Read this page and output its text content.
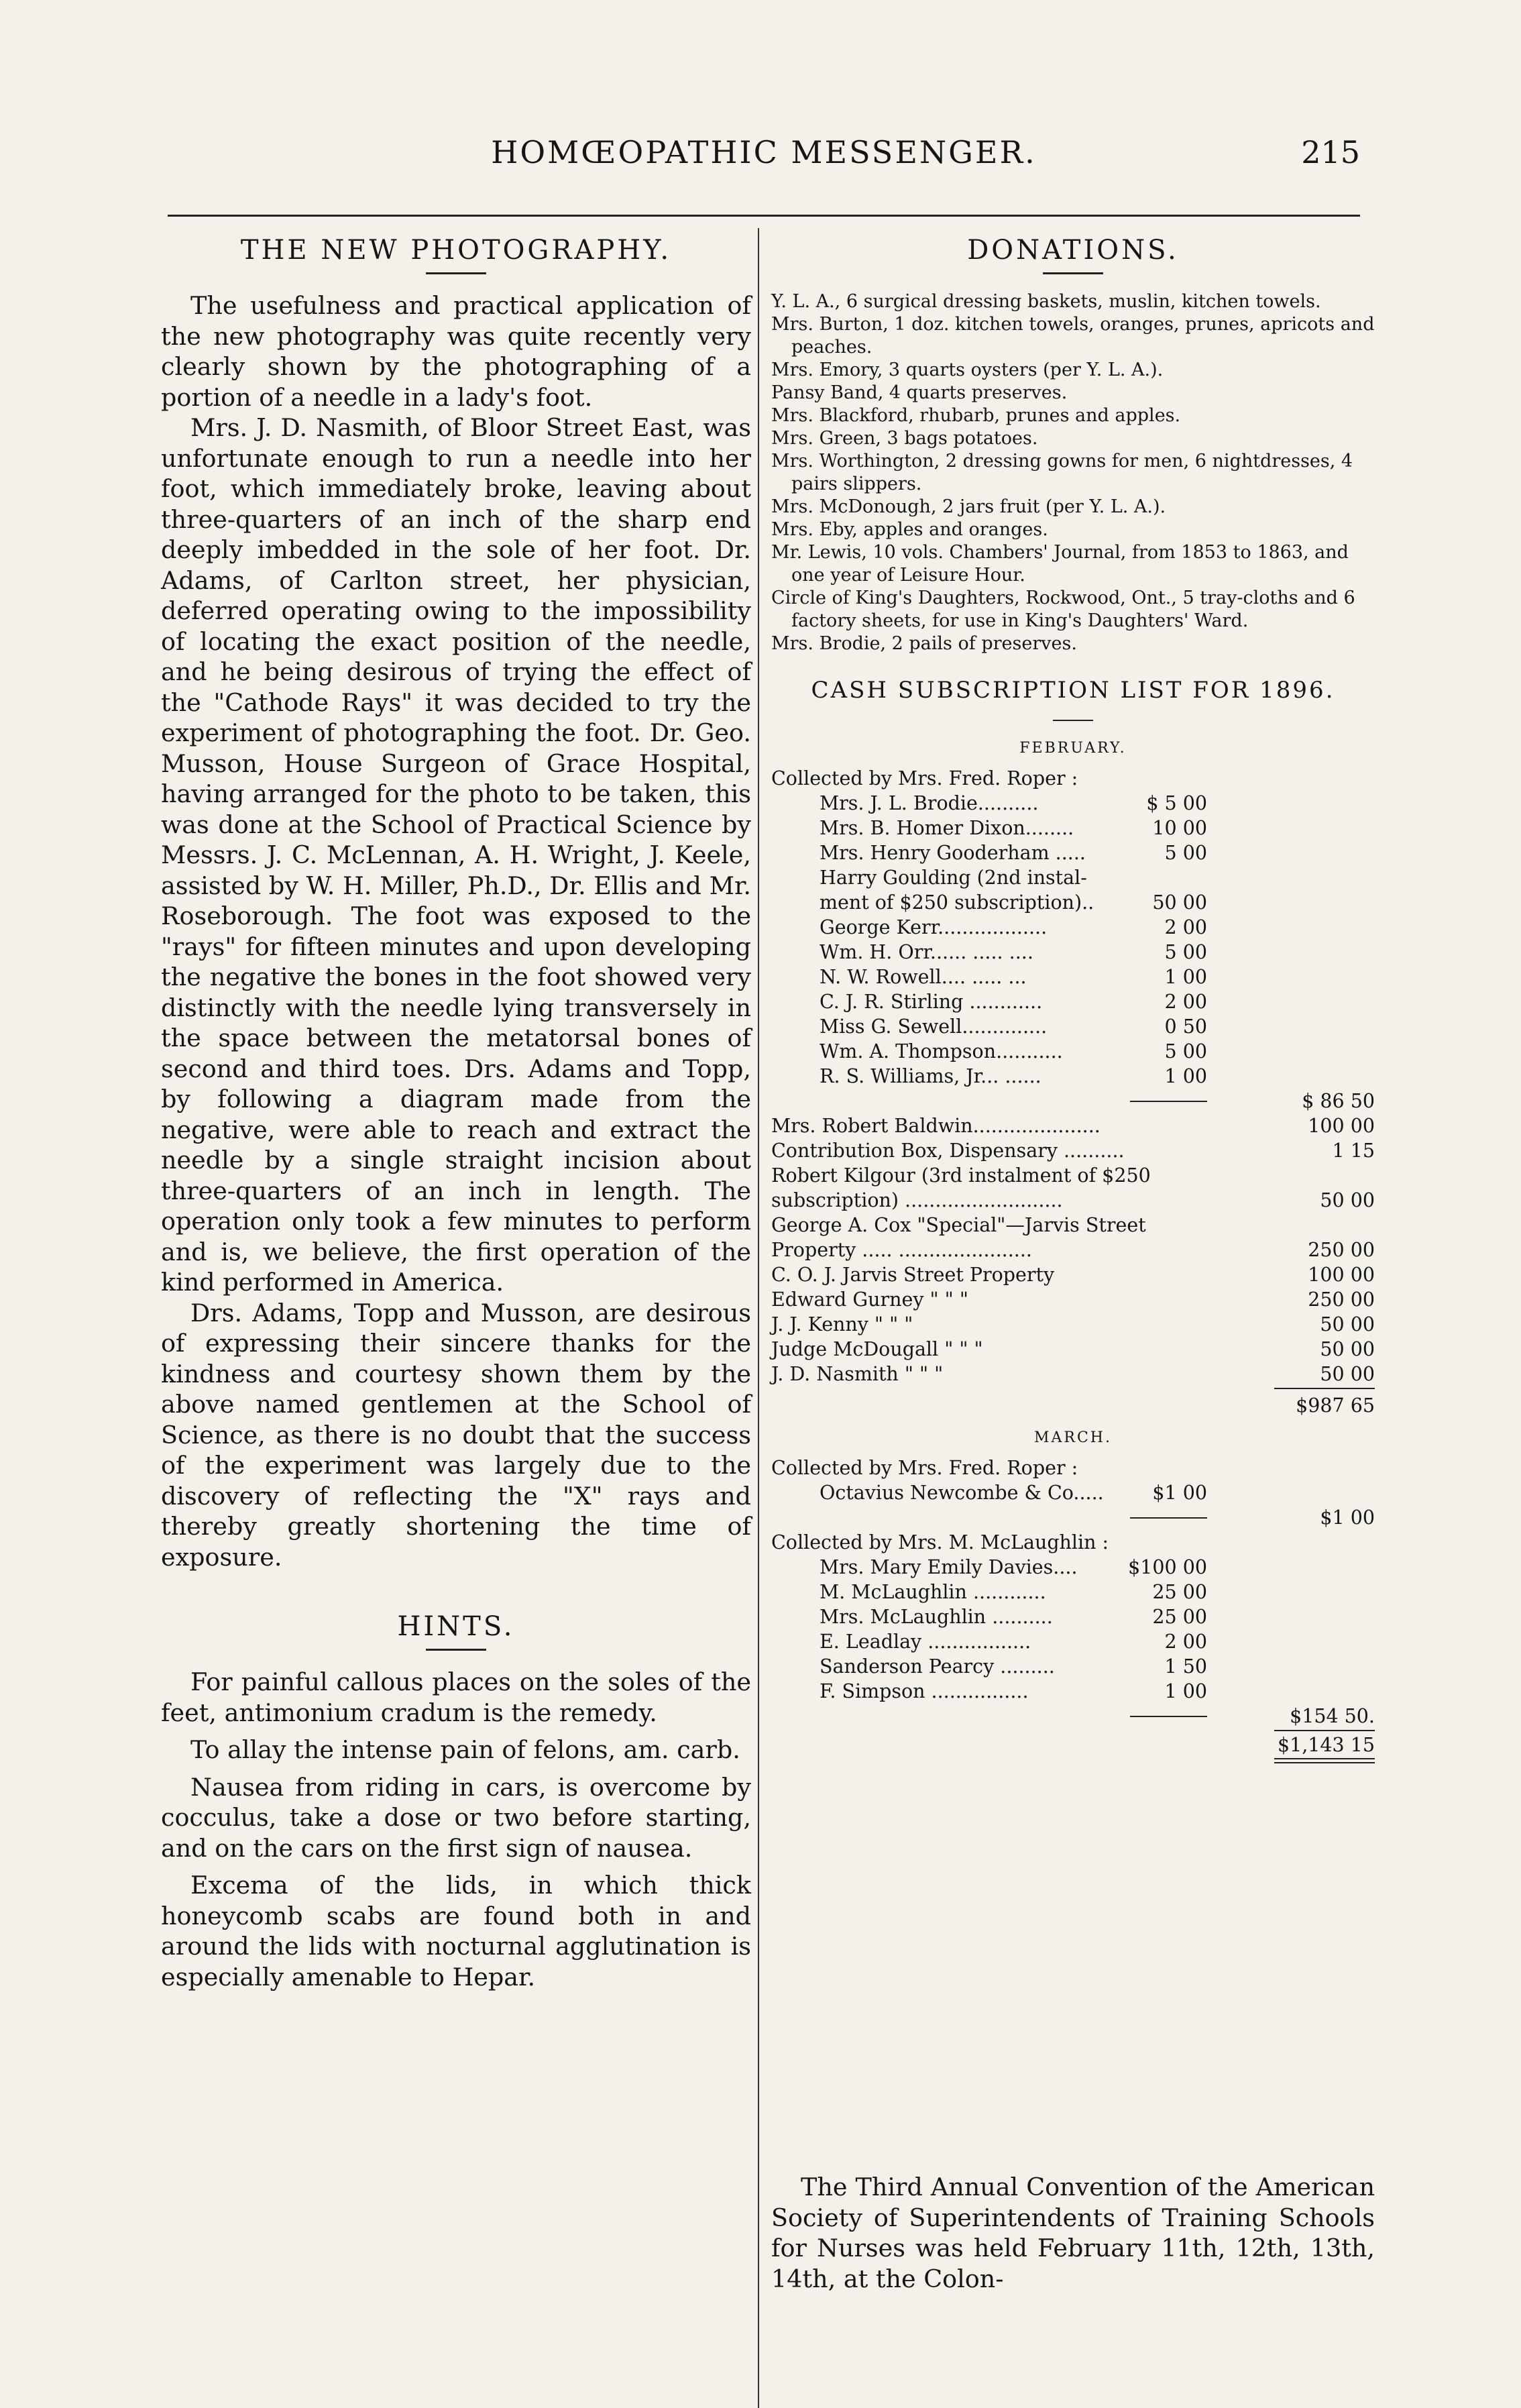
HOMŒOPATHIC MESSENGER.	215
THE NEW PHOTOGRAPHY.

The usefulness and practical application of the new photography was quite recently very clearly shown by the photographing of a portion of a needle in a lady's foot.

Mrs. J. D. Nasmith, of Bloor Street East, was unfortunate enough to run a needle into her foot, which immediately broke, leaving about three-quarters of an inch of the sharp end deeply imbedded in the sole of her foot. Dr. Adams, of Carlton street, her physician, deferred operating owing to the impossibility of locating the exact position of the needle, and he being desirous of trying the effect of the "Cathode Rays" it was decided to try the experiment of photographing the foot. Dr. Geo. Musson, House Surgeon of Grace Hospital, having arranged for the photo to be taken, this was done at the School of Practical Science by Messrs. J. C. McLennan, A. H. Wright, J. Keele, assisted by W. H. Miller, Ph.D., Dr. Ellis and Mr. Roseborough. The foot was exposed to the "rays" for fifteen minutes and upon developing the negative the bones in the foot showed very distinctly with the needle lying transversely in the space between the metatorsal bones of second and third toes. Drs. Adams and Topp, by following a diagram made from the negative, were able to reach and extract the needle by a single straight incision about three-quarters of an inch in length. The operation only took a few minutes to perform and is, we believe, the first operation of the kind performed in America.

Drs. Adams, Topp and Musson, are desirous of expressing their sincere thanks for the kindness and courtesy shown them by the above named gentlemen at the School of Science, as there is no doubt that the success of the experiment was largely due to the discovery of reflecting the "X" rays and thereby greatly shortening the time of exposure.

HINTS.

For painful callous places on the soles of the feet, antimonium cradum is the remedy.

To allay the intense pain of felons, am. carb.

Nausea from riding in cars, is overcome by cocculus, take a dose or two before starting, and on the cars on the first sign of nausea.

Excema of the lids, in which thick honeycomb scabs are found both in and around the lids with nocturnal agglutination is especially amenable to Hepar.

DONATIONS.
Y. L. A., 6 surgical dressing baskets, muslin, kitchen towels.
Mrs. Burton, 1 doz. kitchen towels, oranges, prunes, apricots and peaches.
Mrs. Emory, 3 quarts oysters (per Y. L. A.).
Pansy Band, 4 quarts preserves.
Mrs. Blackford, rhubarb, prunes and apples.
Mrs. Green, 3 bags potatoes.
Mrs. Worthington, 2 dressing gowns for men, 6 nightdresses, 4 pairs slippers.
Mrs. McDonough, 2 jars fruit (per Y. L. A.).
Mrs. Eby, apples and oranges.
Mr. Lewis, 10 vols. Chambers' Journal, from 1853 to 1863, and one year of Leisure Hour.
Circle of King's Daughters, Rockwood, Ont., 5 tray-cloths and 6 factory sheets, for use in King's Daughters' Ward.
Mrs. Brodie, 2 pails of preserves.
CASH SUBSCRIPTION LIST FOR 1896.
FEBRUARY.
Collected by Mrs. Fred. Roper :
Mrs. J. L. Brodie..........	$ 5 00
Mrs. B. Homer Dixon........	10 00
Mrs. Henry Gooderham .....	5 00
Harry Goulding (2nd instal-
ment of $250 subscription)..	50 00
George Kerr..................	2 00
Wm. H. Orr...... ..... ....	5 00
N. W. Rowell.... ..... ...	1 00
C. J. R. Stirling ............	2 00
Miss G. Sewell..............	0 50
Wm. A. Thompson...........	5 00
R. S. Williams, Jr... ......	1 00
$ 86 50
Mrs. Robert Baldwin.....................	100 00
Contribution Box, Dispensary ..........	1 15
Robert Kilgour (3rd instalment of $250
subscription) ..........................	50 00
George A. Cox "Special"—Jarvis Street
Property ..... ......................	250 00
C. O. J. Jarvis Street Property	100 00
Edward Gurney " " "	250 00
J. J. Kenny " " "	50 00
Judge McDougall " " "	50 00
J. D. Nasmith " " "	50 00
$987 65
MARCH.
Collected by Mrs. Fred. Roper :
Octavius Newcombe & Co.....	$1 00
$1 00
Collected by Mrs. M. McLaughlin :
Mrs. Mary Emily Davies....	$100 00
M. McLaughlin ............	25 00
Mrs. McLaughlin ..........	25 00
E. Leadlay .................	2 00
Sanderson Pearcy .........	1 50
F. Simpson ................	1 00
$154 50.
$1,143 15

The Third Annual Convention of the American Society of Superintendents of Training Schools for Nurses was held February 11th, 12th, 13th, 14th, at the Colon-
